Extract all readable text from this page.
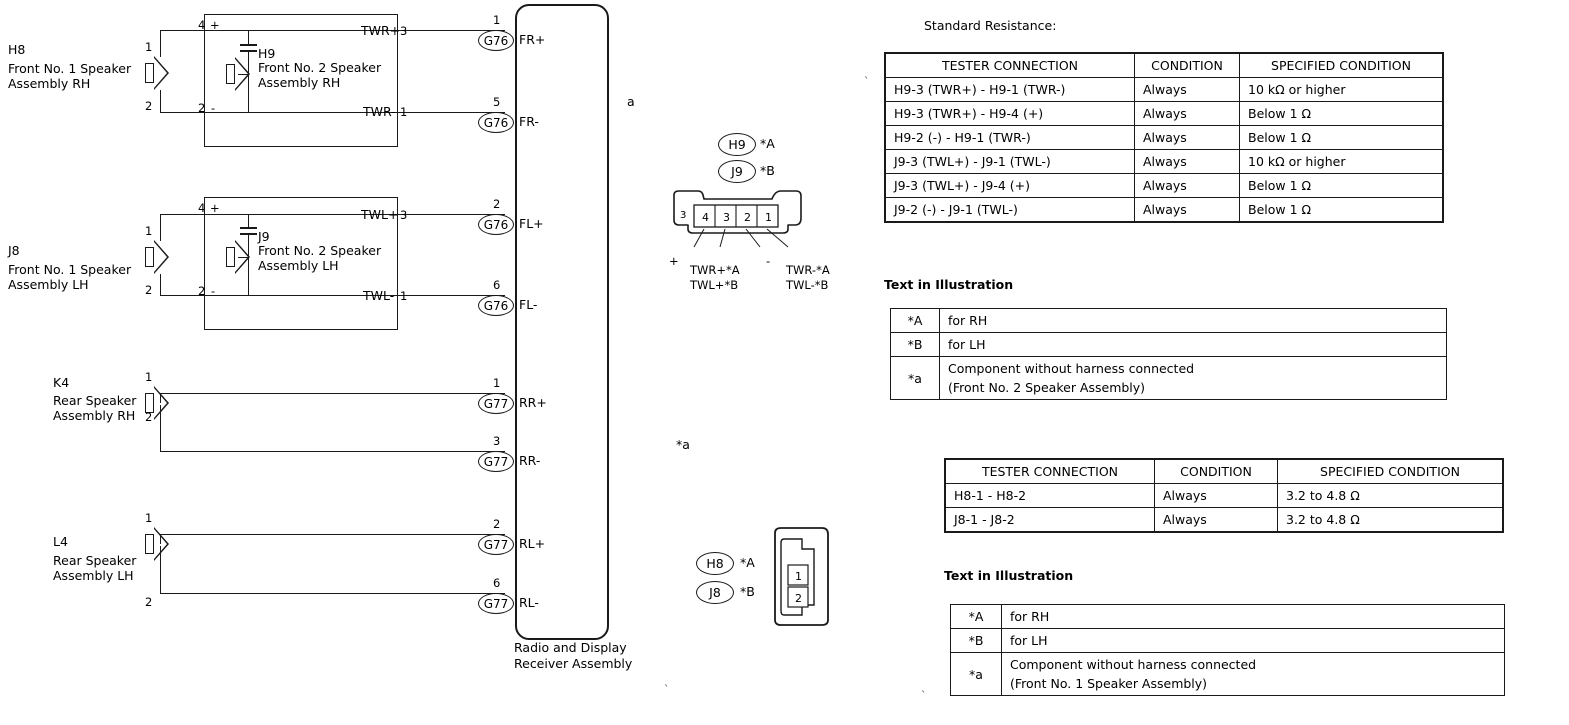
H8
Front No. 1 Speaker
Assembly RH
1
2
4 +
2 -
H9
Front No. 2 Speaker
Assembly RH
TWR+ 3
TWR- 1
J8
Front No. 1 Speaker
Assembly LH
1
2
4 +
2 -
J9
Front No. 2 Speaker
Assembly LH
TWL+ 3
TWL- 1
K4
Rear Speaker
Assembly RH
1
2
L4
Rear Speaker
Assembly LH
1
2
Radio and Display
Receiver Assembly
G76
1
FR+
G76
5
FR-
G76
2
FL+
G76
6
FL-
G77
1
RR+
G77
3
RR-
G77
2
RL+
G77
6
RL-
a
*a
`
`	`
H9	*A
J9	*B
4 3 2 1
3
+	-
TWR+*A
TWL+*B
TWR-*A
TWL-*B
H8	*A
J8	*B
1
2
Standard Resistance:
TESTER CONNECTION	CONDITION	SPECIFIED CONDITION
H9-3 (TWR+) - H9-1 (TWR-)	Always	10 kΩ or higher
H9-3 (TWR+) - H9-4 (+)	Always	Below 1 Ω
H9-2 (-) - H9-1 (TWR-)	Always	Below 1 Ω
J9-3 (TWL+) - J9-1 (TWL-)	Always	10 kΩ or higher
J9-3 (TWL+) - J9-4 (+)	Always	Below 1 Ω
J9-2 (-) - J9-1 (TWL-)	Always	Below 1 Ω
Text in Illustration
*A	for RH
*B	for LH
*a	Component without harness connected
(Front No. 2 Speaker Assembly)
TESTER CONNECTION	CONDITION	SPECIFIED CONDITION
H8-1 - H8-2	Always	3.2 to 4.8 Ω
J8-1 - J8-2	Always	3.2 to 4.8 Ω
Text in Illustration
*A	for RH
*B	for LH
*a	Component without harness connected
(Front No. 1 Speaker Assembly)
